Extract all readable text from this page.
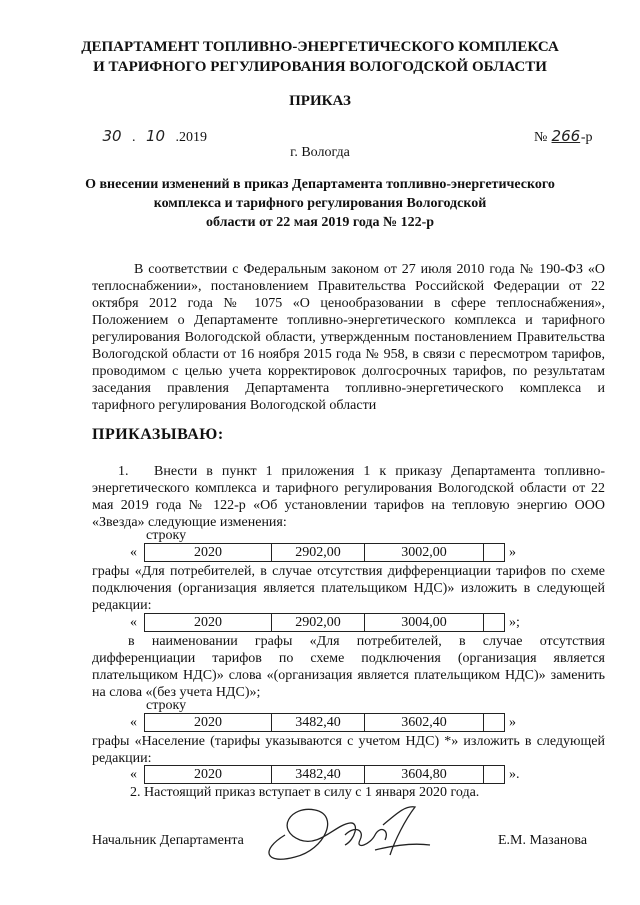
ДЕПАРТАМЕНТ ТОПЛИВНО-ЭНЕРГЕТИЧЕСКОГО КОМПЛЕКСА
И ТАРИФНОГО РЕГУЛИРОВАНИЯ ВОЛОГОДСКОЙ ОБЛАСТИ
ПРИКАЗ
30 . 10 .2019	№ 266-р
г. Вологда
О внесении изменений в приказ Департамента топливно-энергетического
комплекса и тарифного регулирования Вологодской
области от 22 мая 2019 года № 122-р
В соответствии с Федеральным законом от 27 июля 2010 года № 190-ФЗ «О теплоснабжении», постановлением Правительства Российской Федерации от 22 октября 2012 года № 1075 «О ценообразовании в сфере теплоснабжения», Положением о Департаменте топливно-энергетического комплекса и тарифного регулирования Вологодской области, утвержденным постановлением Правительства Вологодской области от 16 ноября 2015 года № 958, в связи с пересмотром тарифов, проводимом с целью учета корректировок долгосрочных тарифов, по результатам заседания правления Департамента топливно-энергетического комплекса и тарифного регулирования Вологодской области
ПРИКАЗЫВАЮ:
1. Внести в пункт 1 приложения 1 к приказу Департамента топливно-энергетического комплекса и тарифного регулирования Вологодской области от 22 мая 2019 года № 122-р «Об установлении тарифов на тепловую энергию ООО «Звезда» следующие изменения:
строку
«	2020	2902,00	3002,00	»
графы «Для потребителей, в случае отсутствия дифференциации тарифов по схеме подключения (организация является плательщиком НДС)» изложить в следующей редакции:
«	2020	2902,00	3004,00	»;
в наименовании графы «Для потребителей, в случае отсутствия дифференциации тарифов по схеме подключения (организация является плательщиком НДС)» слова «(организация является плательщиком НДС)» заменить на слова «(без учета НДС)»;
строку
«	2020	3482,40	3602,40	»
графы «Население (тарифы указываются с учетом НДС) *» изложить в следующей редакции:
«	2020	3482,40	3604,80	».
2. Настоящий приказ вступает в силу с 1 января 2020 года.
Начальник Департамента	Е.М. Мазанова
